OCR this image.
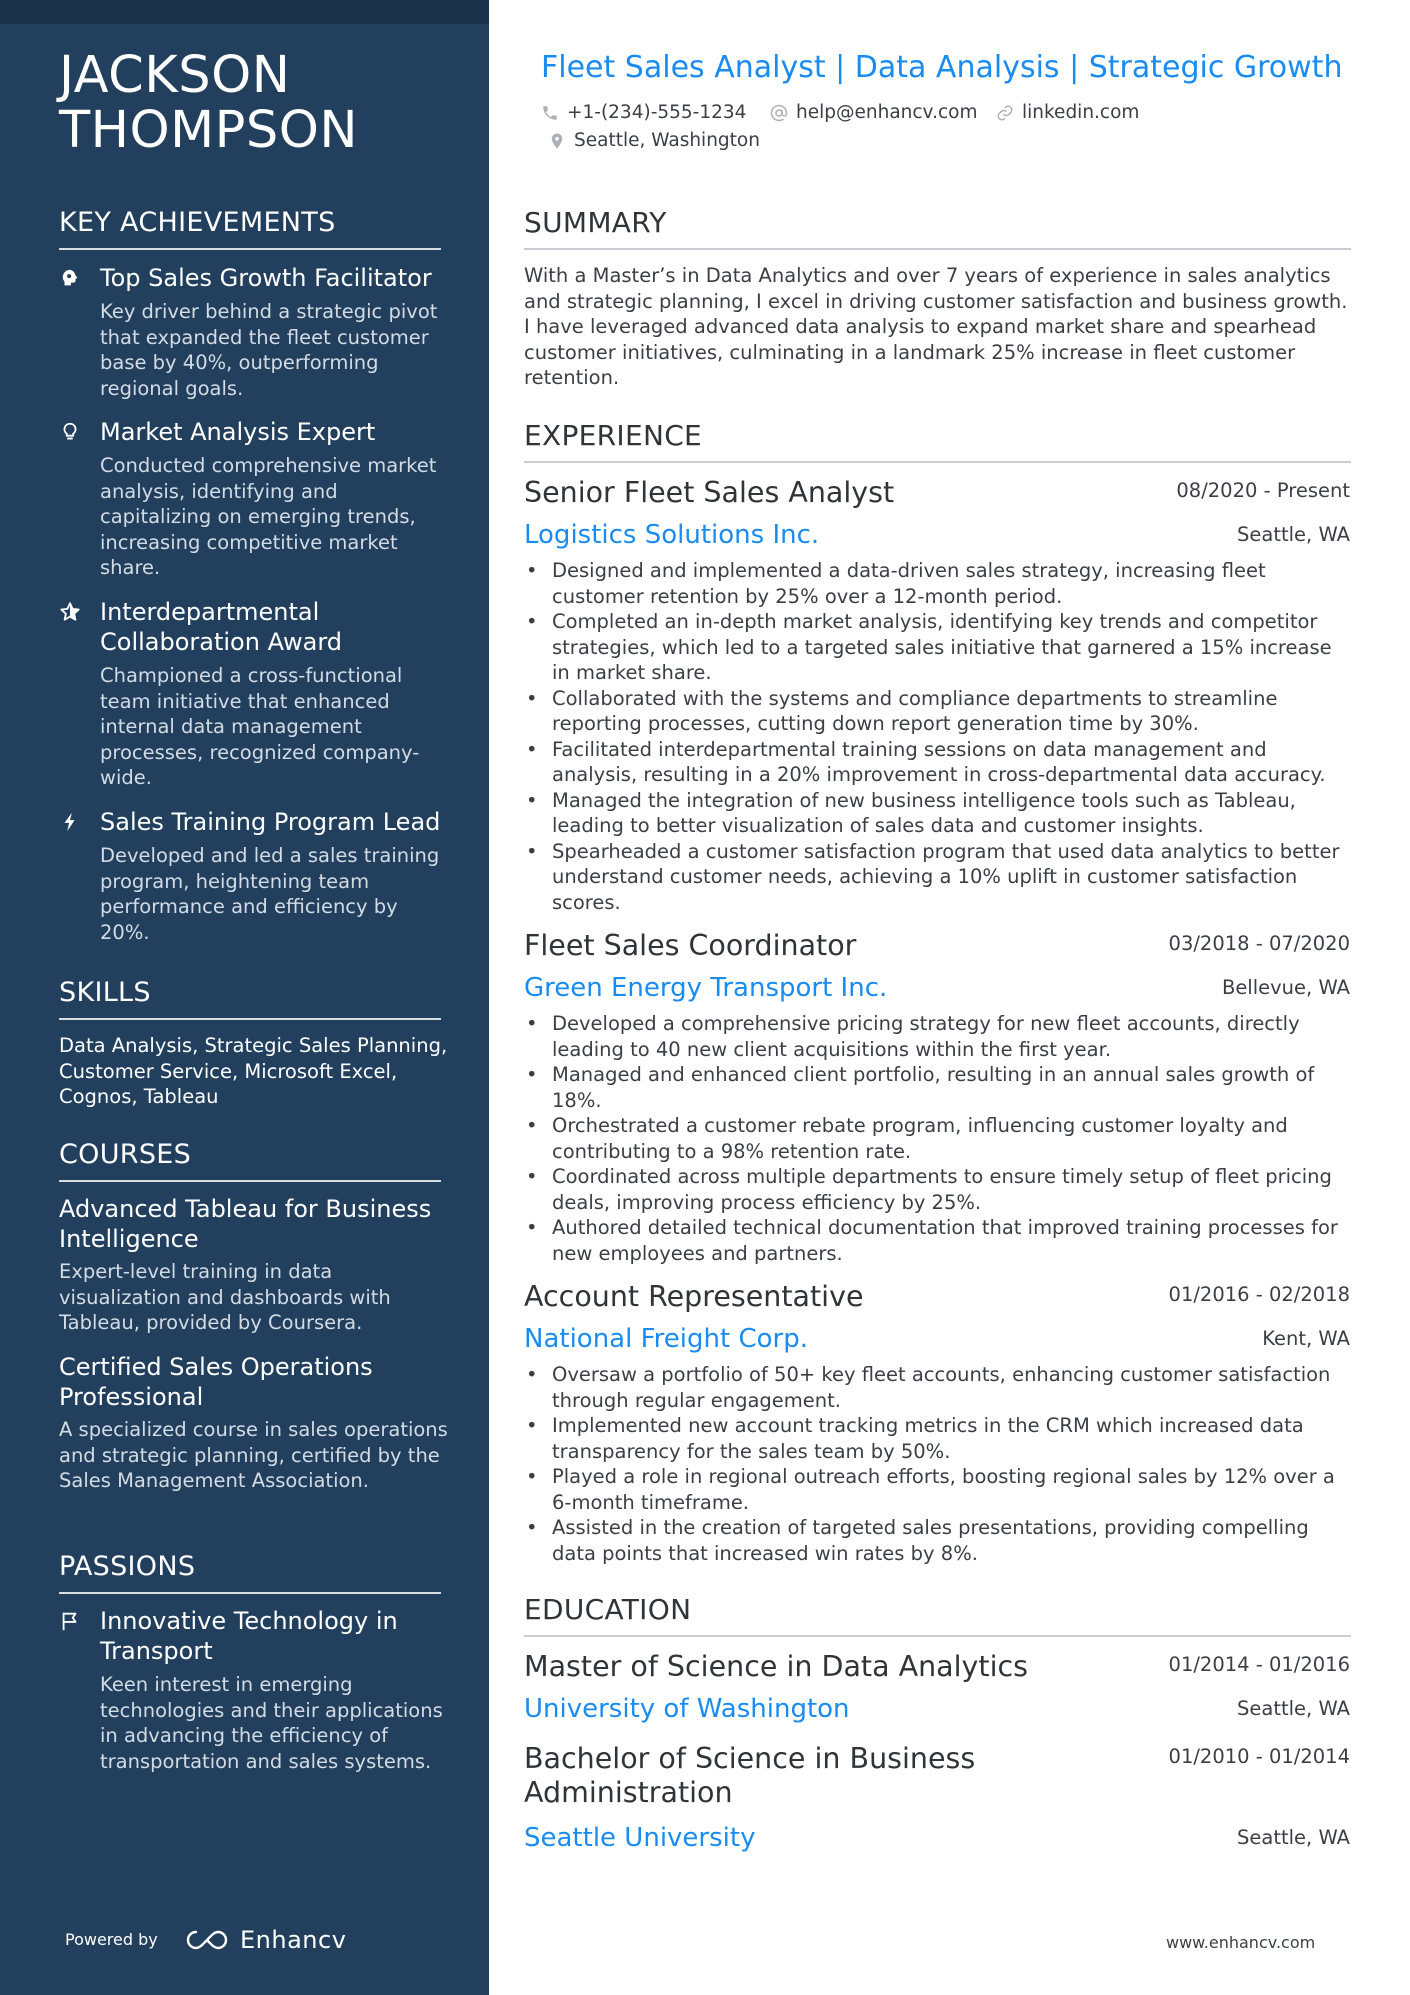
JACKSON THOMPSON
KEY ACHIEVEMENTS
Top Sales Growth Facilitator
Key driver behind a strategic pivot that expanded the fleet customer base by 40%, outperforming regional goals.
Market Analysis Expert
Conducted comprehensive market analysis, identifying and capitalizing on emerging trends, increasing competitive market share.
Interdepartmental Collaboration Award
Championed a cross-functional team initiative that enhanced internal data management processes, recognized company-wide.
Sales Training Program Lead
Developed and led a sales training program, heightening team performance and efficiency by 20%.
SKILLS
Data Analysis, Strategic Sales Planning, Customer Service, Microsoft Excel, Cognos, Tableau
COURSES
Advanced Tableau for Business Intelligence
Expert-level training in data visualization and dashboards with Tableau, provided by Coursera.
Certified Sales Operations Professional
A specialized course in sales operations and strategic planning, certified by the Sales Management Association.
PASSIONS
Innovative Technology in Transport
Keen interest in emerging technologies and their applications in advancing the efficiency of transportation and sales systems.
Powered by	Enhancv
Fleet Sales Analyst | Data Analysis | Strategic Growth
+1-(234)-555-1234	help@enhancv.com linkedin.com
Seattle, Washington
SUMMARY
With a Master’s in Data Analytics and over 7 years of experience in sales analytics and strategic planning, I excel in driving customer satisfaction and business growth. I have leveraged advanced data analysis to expand market share and spearhead customer initiatives, culminating in a landmark 25% increase in fleet customer retention.
EXPERIENCE
Senior Fleet Sales Analyst	08/2020 - Present
Logistics Solutions Inc.	Seattle, WA
• Designed and implemented a data-driven sales strategy, increasing fleet customer retention by 25% over a 12-month period.
• Completed an in-depth market analysis, identifying key trends and competitor strategies, which led to a targeted sales initiative that garnered a 15% increase in market share.
• Collaborated with the systems and compliance departments to streamline reporting processes, cutting down report generation time by 30%.
• Facilitated interdepartmental training sessions on data management and analysis, resulting in a 20% improvement in cross-departmental data accuracy.
• Managed the integration of new business intelligence tools such as Tableau, leading to better visualization of sales data and customer insights.
• Spearheaded a customer satisfaction program that used data analytics to better understand customer needs, achieving a 10% uplift in customer satisfaction scores.
Fleet Sales Coordinator	03/2018 - 07/2020
Green Energy Transport Inc.	Bellevue, WA
• Developed a comprehensive pricing strategy for new fleet accounts, directly leading to 40 new client acquisitions within the first year.
• Managed and enhanced client portfolio, resulting in an annual sales growth of 18%.
• Orchestrated a customer rebate program, influencing customer loyalty and contributing to a 98% retention rate.
• Coordinated across multiple departments to ensure timely setup of fleet pricing deals, improving process efficiency by 25%.
• Authored detailed technical documentation that improved training processes for new employees and partners.
Account Representative	01/2016 - 02/2018
National Freight Corp.	Kent, WA
• Oversaw a portfolio of 50+ key fleet accounts, enhancing customer satisfaction through regular engagement.
• Implemented new account tracking metrics in the CRM which increased data transparency for the sales team by 50%.
• Played a role in regional outreach efforts, boosting regional sales by 12% over a 6-month timeframe.
• Assisted in the creation of targeted sales presentations, providing compelling data points that increased win rates by 8%.
EDUCATION
Master of Science in Data Analytics	01/2014 - 01/2016
University of Washington	Seattle, WA
Bachelor of Science in Business Administration
01/2010 - 01/2014
Seattle University	Seattle, WA
www.enhancv.com
